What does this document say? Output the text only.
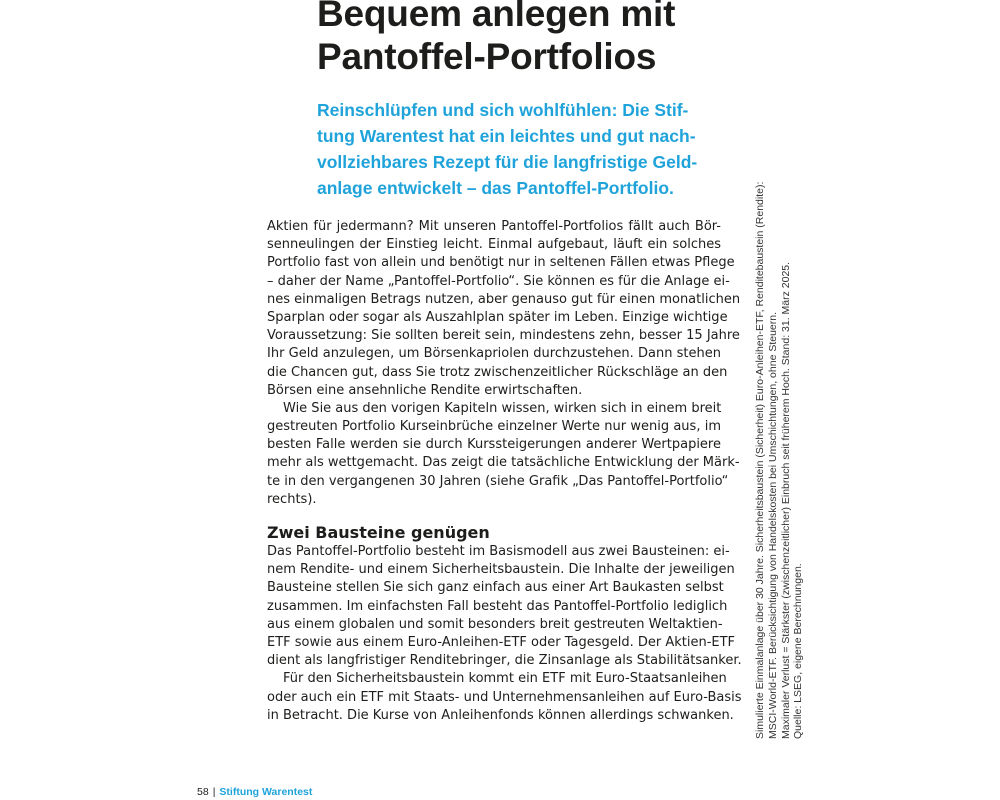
Bequem anlegen mit
Pantoffel-Portfolios

Reinschlüpfen und sich wohlfühlen: Die Stif-
tung Warentest hat ein leichtes und gut nach-
vollziehbares Rezept für die langfristige Geld-
anlage entwickelt – das Pantoffel-Portfolio.

Aktien für jedermann? Mit unseren Pantoffel-Portfolios fällt auch Bör-
senneulingen der Einstieg leicht. Einmal aufgebaut, läuft ein solches
Portfolio fast von allein und benötigt nur in seltenen Fällen etwas Pflege
– daher der Name „Pantoffel-Portfolio“. Sie können es für die Anlage ei-
nes einmaligen Betrags nutzen, aber genauso gut für einen monatlichen
Sparplan oder sogar als Auszahlplan später im Leben. Einzige wichtige
Voraussetzung: Sie sollten bereit sein, mindestens zehn, besser 15 Jahre
Ihr Geld anzulegen, um Börsenkapriolen durchzustehen. Dann stehen
die Chancen gut, dass Sie trotz zwischenzeitlicher Rückschläge an den
Börsen eine ansehnliche Rendite erwirtschaften.
Wie Sie aus den vorigen Kapiteln wissen, wirken sich in einem breit
gestreuten Portfolio Kurseinbrüche einzelner Werte nur wenig aus, im
besten Falle werden sie durch Kurssteigerungen anderer Wertpapiere
mehr als wettgemacht. Das zeigt die tatsächliche Entwicklung der Märk-
te in den vergangenen 30 Jahren (siehe Grafik „Das Pantoffel-Portfolio“
rechts).
Zwei Bausteine genügen
Das Pantoffel-Portfolio besteht im Basismodell aus zwei Bausteinen: ei-
nem Rendite- und einem Sicherheitsbaustein. Die Inhalte der jeweiligen
Bausteine stellen Sie sich ganz einfach aus einer Art Baukasten selbst
zusammen. Im einfachsten Fall besteht das Pantoffel-Portfolio lediglich
aus einem globalen und somit besonders breit gestreuten Weltaktien-
ETF sowie aus einem Euro-Anleihen-ETF oder Tagesgeld. Der Aktien-ETF
dient als langfristiger Renditebringer, die Zinsanlage als Stabilitätsanker.
Für den Sicherheitsbaustein kommt ein ETF mit Euro-Staatsanleihen
oder auch ein ETF mit Staats- und Unternehmensanleihen auf Euro-Basis
in Betracht. Die Kurse von Anleihenfonds können allerdings schwanken. Simulierte Einmalanlage über 30 Jahre. Sicherheitsbaustein (Sicherheit) Euro-Anleihen-ETF, Renditebaustein (Rendite): MSCI-World-ETF. Berücksichtigung von Handelskosten bei Umschichtungen, ohne Steuern. Maximaler Verlust = Stärkster (zwischenzeitlicher) Einbruch seit früherem Hoch. Stand: 31. März 2025. Quelle: LSEG, eigene Berechnungen.
58 | Stiftung Warentest
